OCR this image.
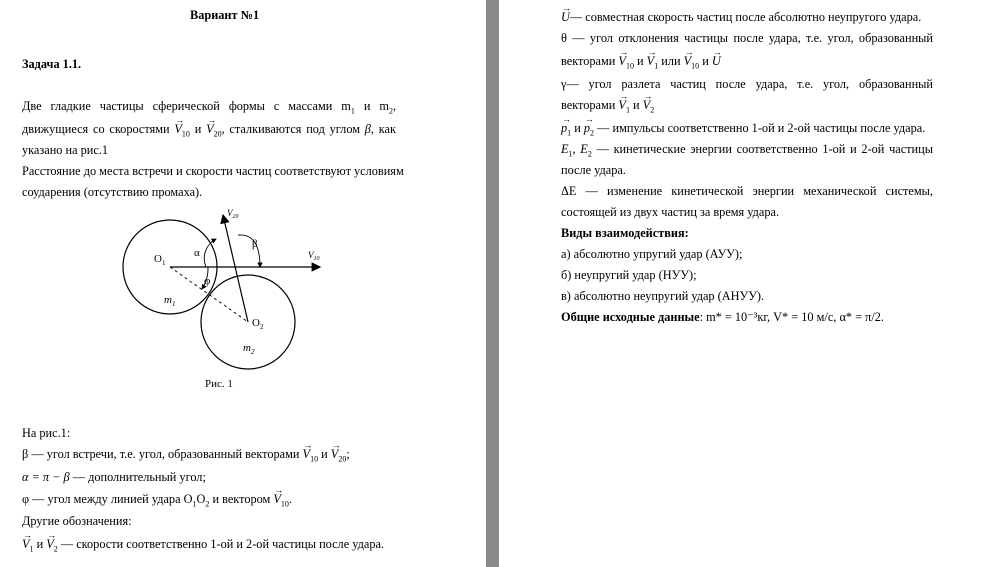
Вариант №1
Задача 1.1.
Две гладкие частицы сферической формы с массами $m_1$ и $m_2$,
движущиеся со скоростями → $V_{10}$ $и \to V_{20}$, сталкиваются под углом β, как
указано на рис.1
Расстояние до места встречи и скорости частиц соответствуют условиям
соударения (отсутствию промаха).
$O_1$
$O_2$
$m_1$
$m_2$
α
β
φ
$V_{10}$
$V_{20}$
Рис. 1
На рис.1:
β — угол встречи, т.е. угол, образованный векторами → $V_{10}$ $и \to V_{20}$;
α = π − β — дополнительный угол;
φ — угол между линией удара $O_1O_2$ и вектором → $V_{10}$.
Другие обозначения:
→ $V_1$ $и \to V_2$ — скорости соответственно 1-ой и 2-ой частицы после удара.
→ U— совместная скорость частиц после абсолютно неупругого удара.
θ — угол отклонения частицы после удара, т.е. угол, образованный
векторами → $V_{10}$ $и \to V_1$ или → $V_{10}$ и → U
γ— угол разлета частиц после удара, т.е. угол, образованный
векторами → $V_1$ $и \to V_2$
→ $p_1$ $и \to p_2$ — импульсы соответственно 1-ой и 2-ой частицы после удара.
$E_1$, $E_2$ — кинетические энергии соответственно 1-ой и 2-ой частицы
после удара.
ΔE — изменение кинетической энергии механической системы,
состоящей из двух частиц за время удара.
Виды взаимодействия:
а) абсолютно упругий удар (АУУ);
б) неупругий удар (НУУ);
в) абсолютно неупругий удар (АНУУ).
Общие исходные данные: m* = 10⁻³кг, V* = 10 м/с, α* = π/2.
